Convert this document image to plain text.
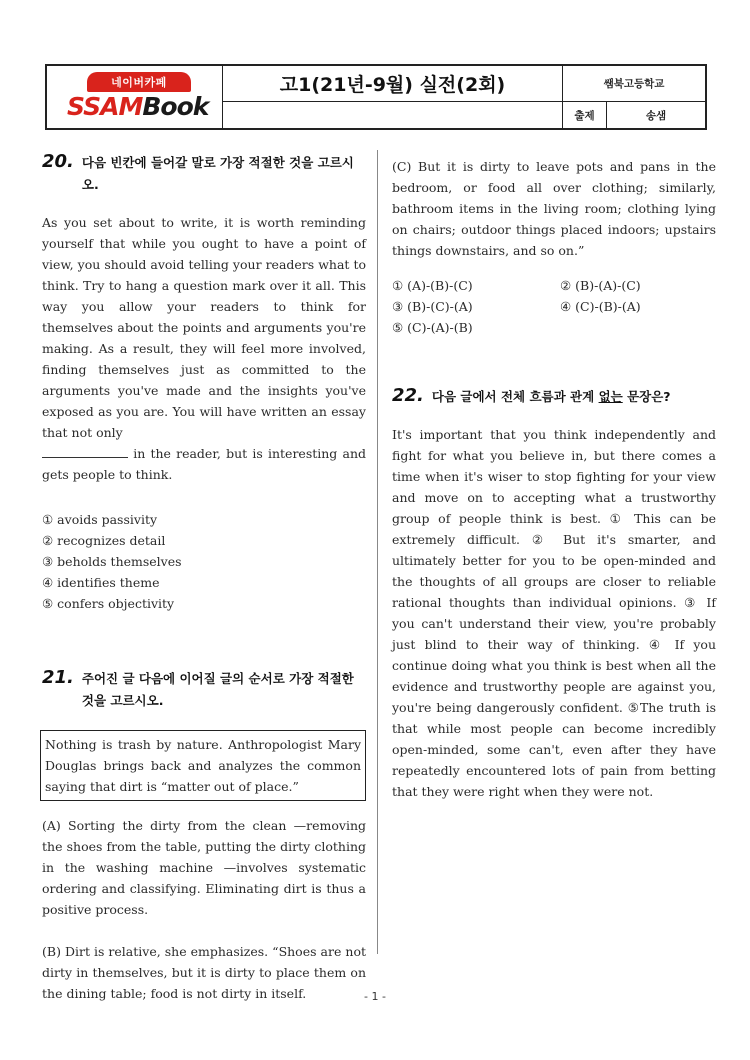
네이버카페
SSAMBook
고1(21년-9월) 실전(2회)	쌤북고등학교
출제	송샘
20. 다음 빈칸에 들어갈 말로 가장 적절한 것을 고르시오.

As you set about to write, it is worth reminding yourself that while you ought to have a point of view, you should avoid telling your readers what to think. Try to hang a question mark over it all. This way you allow your readers to think for themselves about the points and arguments you're making. As a result, they will feel more involved, finding themselves just as committed to the arguments you've made and the insights you've exposed as you are. You will have written an essay that not only
in the reader, but is interesting and gets people to think.

① avoids passivity
② recognizes detail
③ beholds themselves
④ identifies theme
⑤ confers objectivity
21. 주어진 글 다음에 이어질 글의 순서로 가장 적절한 것을 고르시오.

Nothing is trash by nature. Anthropologist Mary Douglas brings back and analyzes the common saying that dirt is “matter out of place.”

(A) Sorting the dirty from the clean —removing the shoes from the table, putting the dirty clothing in the washing machine —involves systematic ordering and classifying. Eliminating dirt is thus a positive process.

(B) Dirt is relative, she emphasizes. “Shoes are not dirty in themselves, but it is dirty to place them on the dining table; food is not dirty in itself.

(C) But it is dirty to leave pots and pans in the bedroom, or food all over clothing; similarly, bathroom items in the living room; clothing lying on chairs; outdoor things placed indoors; upstairs things downstairs, and so on.”

① (A)-(B)-(C)	② (B)-(A)-(C)
③ (B)-(C)-(A)	④ (C)-(B)-(A)
⑤ (C)-(A)-(B)
22. 다음 글에서 전체 흐름과 관계 없는 문장은?

It's important that you think independently and fight for what you believe in, but there comes a time when it's wiser to stop fighting for your view and move on to accepting what a trustworthy group of people think is best. ① This can be extremely difficult. ② But it's smarter, and ultimately better for you to be open-minded and the thoughts of all groups are closer to reliable rational thoughts than individual opinions. ③ If you can't understand their view, you're probably just blind to their way of thinking. ④ If you continue doing what you think is best when all the evidence and trustworthy people are against you, you're being dangerously confident. ⑤The truth is that while most people can become incredibly open-minded, some can't, even after they have repeatedly encountered lots of pain from betting that they were right when they were not.

- 1 -
